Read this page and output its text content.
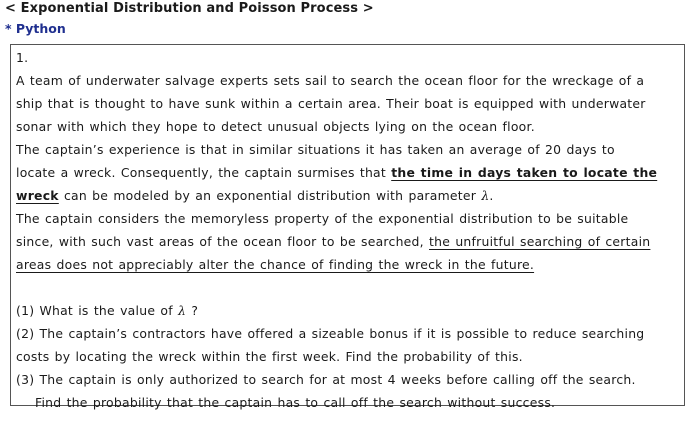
< Exponential Distribution and Poisson Process >
* Python
1.
A team of underwater salvage experts sets sail to search the ocean floor for the wreckage of a
ship that is thought to have sunk within a certain area. Their boat is equipped with underwater
sonar with which they hope to detect unusual objects lying on the ocean floor.
The captain’s experience is that in similar situations it has taken an average of 20 days to
locate a wreck. Consequently, the captain surmises that the time in days taken to locate the
wreck can be modeled by an exponential distribution with parameter λ.
The captain considers the memoryless property of the exponential distribution to be suitable
since, with such vast areas of the ocean floor to be searched, the unfruitful searching of certain
areas does not appreciably alter the chance of finding the wreck in the future.
(1) What is the value of λ ?
(2) The captain’s contractors have offered a sizeable bonus if it is possible to reduce searching
costs by locating the wreck within the first week. Find the probability of this.
(3) The captain is only authorized to search for at most 4 weeks before calling off the search.
Find the probability that the captain has to call off the search without success.
